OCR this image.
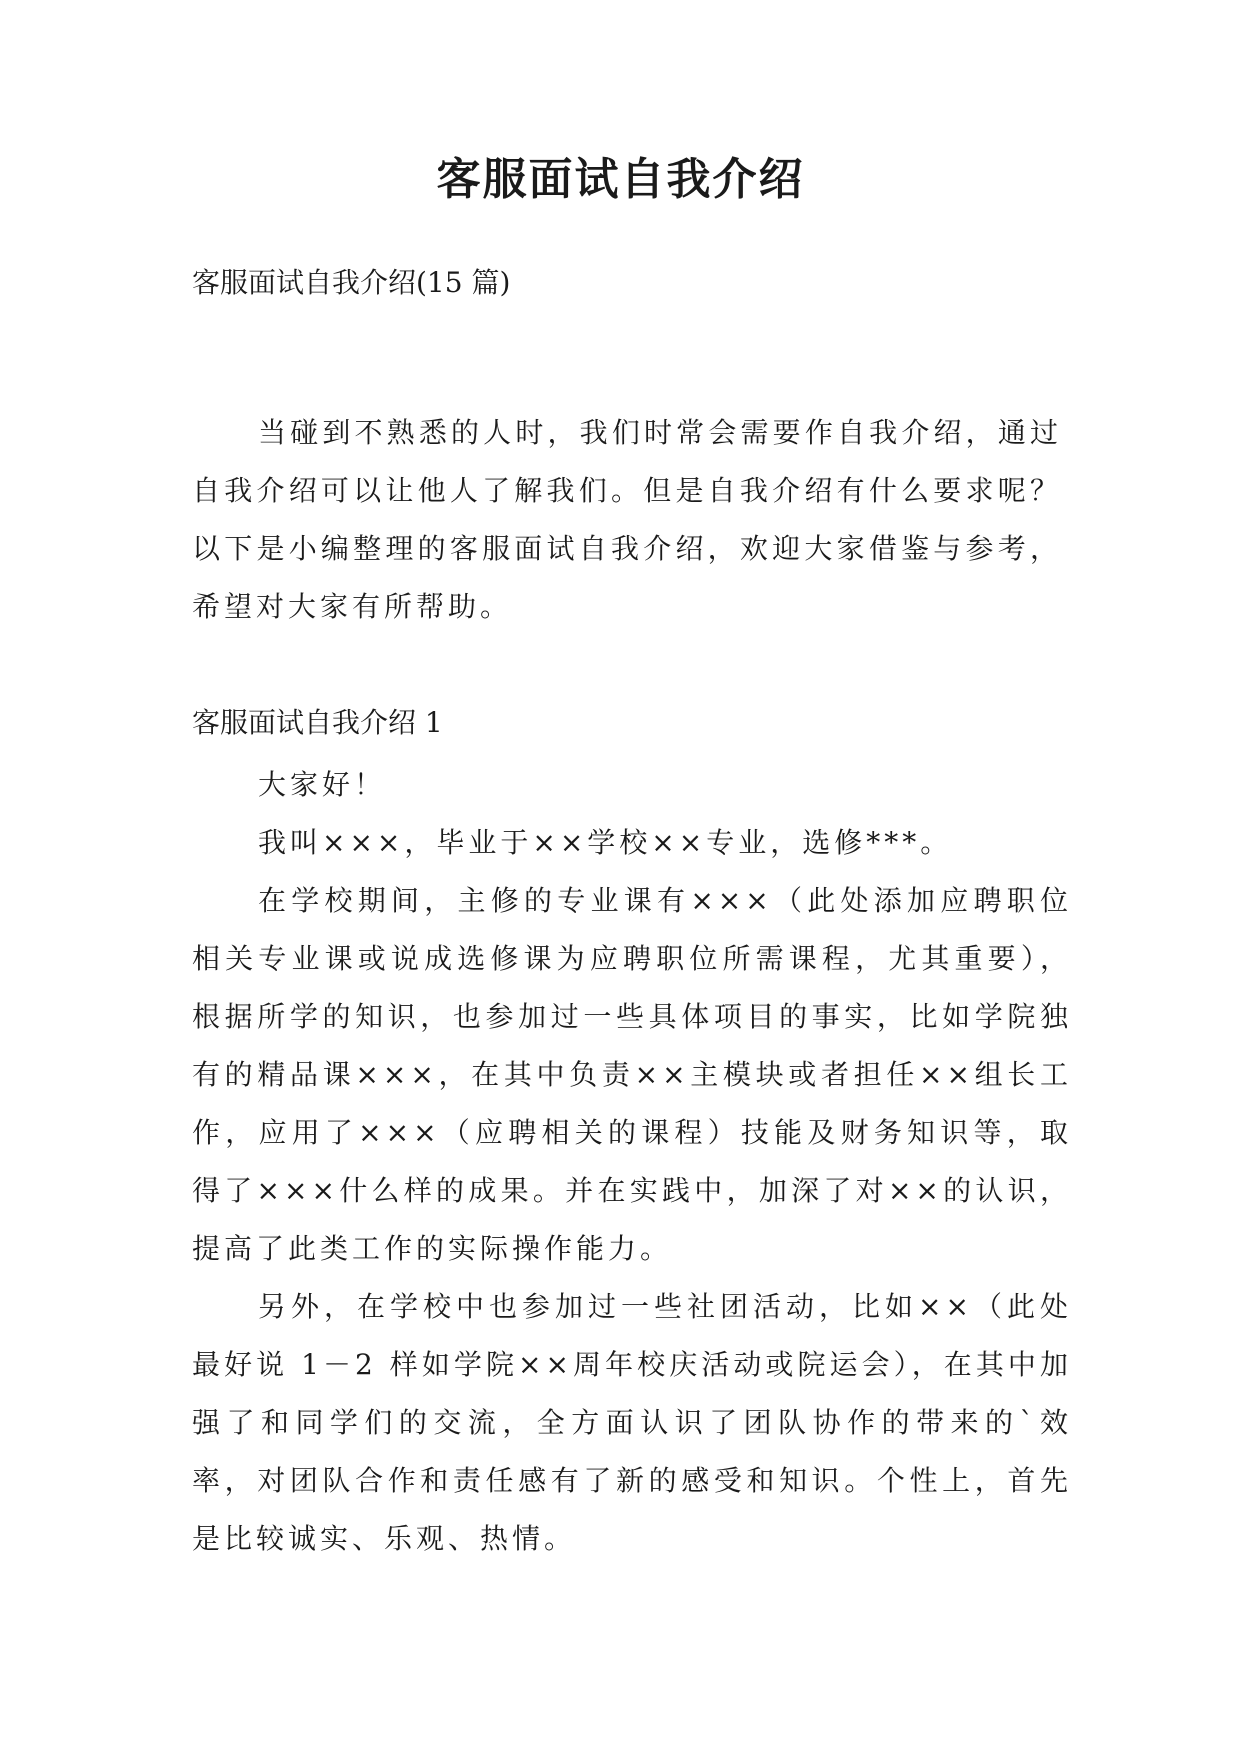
客服面试自我介绍
客服面试自我介绍(15 篇)

当碰到不熟悉的人时，我们时常会需要作自我介绍，通过自我介绍可以让他人了解我们。但是自我介绍有什么要求呢？以下是小编整理的客服面试自我介绍，欢迎大家借鉴与参考，希望对大家有所帮助。

客服面试自我介绍 1

大家好！

我叫×××，毕业于××学校××专业，选修***。

在学校期间，主修的专业课有×××（此处添加应聘职位相关专业课或说成选修课为应聘职位所需课程，尤其重要），根据所学的知识，也参加过一些具体项目的事实，比如学院独有的精品课×××，在其中负责××主模块或者担任××组长工作，应用了×××（应聘相关的课程）技能及财务知识等，取得了×××什么样的成果。并在实践中，加深了对××的认识，提高了此类工作的实际操作能力。

另外，在学校中也参加过一些社团活动，比如××（此处最好说 1－2 样如学院××周年校庆活动或院运会），在其中加强了和同学们的交流，全方面认识了团队协作的带来的`效率，对团队合作和责任感有了新的感受和知识。个性上，首先是比较诚实、乐观、热情。
